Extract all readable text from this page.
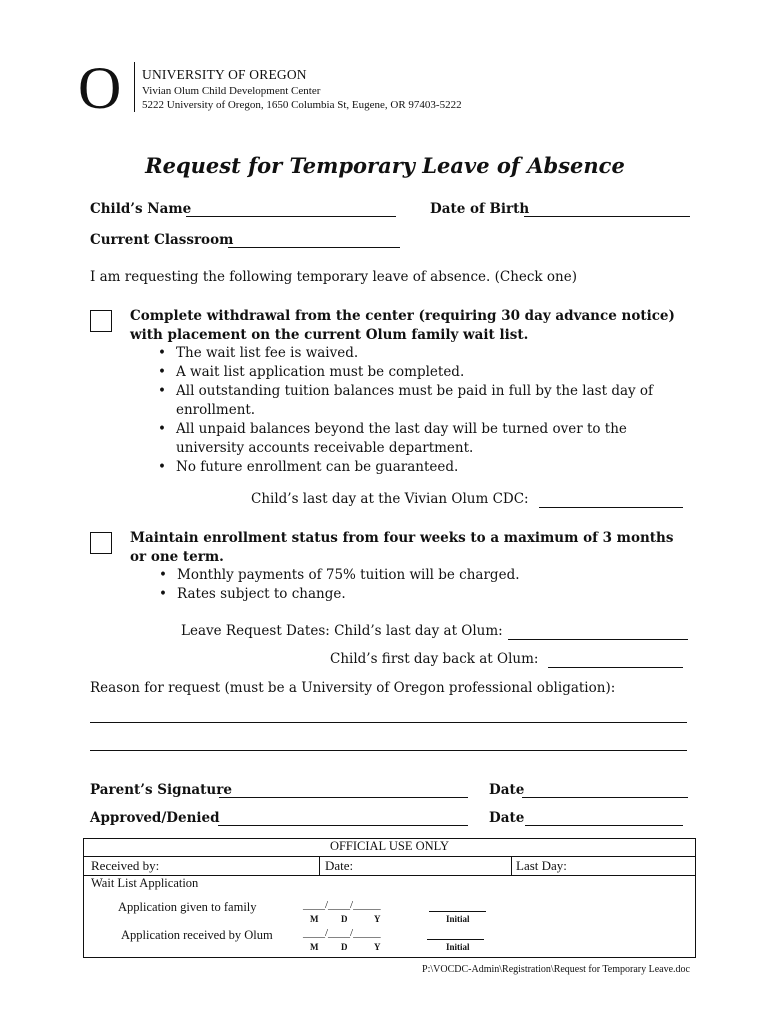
O UNIVERSITY OF OREGON
Vivian Olum Child Development Center
5222 University of Oregon, 1650 Columbia St, Eugene, OR 97403-5222
Request for Temporary Leave of Absence
Child’s Name	Date of Birth
Current Classroom
I am requesting the following temporary leave of absence. (Check one)
Complete withdrawal from the center (requiring 30 day advance notice) with placement on the current Olum family wait list.
• The wait list fee is waived.
• A wait list application must be completed.
• All outstanding tuition balances must be paid in full by the last day of enrollment.
• All unpaid balances beyond the last day will be turned over to the university accounts receivable department.
• No future enrollment can be guaranteed.
Child’s last day at the Vivian Olum CDC:
Maintain enrollment status from four weeks to a maximum of 3 months or one term.
• Monthly payments of 75% tuition will be charged.
• Rates subject to change.
Leave Request Dates: Child’s last day at Olum:
Child’s first day back at Olum:
Reason for request (must be a University of Oregon professional obligation):
Parent’s Signature	Date
Approved/Denied	Date
OFFICIAL USE ONLY
Received by:	Date:	Last Day:
Wait List Application
Application given to family	____/____/_____
M	D	Y	Initial
Application received by Olum	____/____/_____
M	D	Y	Initial
P:\VOCDC-Admin\Registration\Request for Temporary Leave.doc
